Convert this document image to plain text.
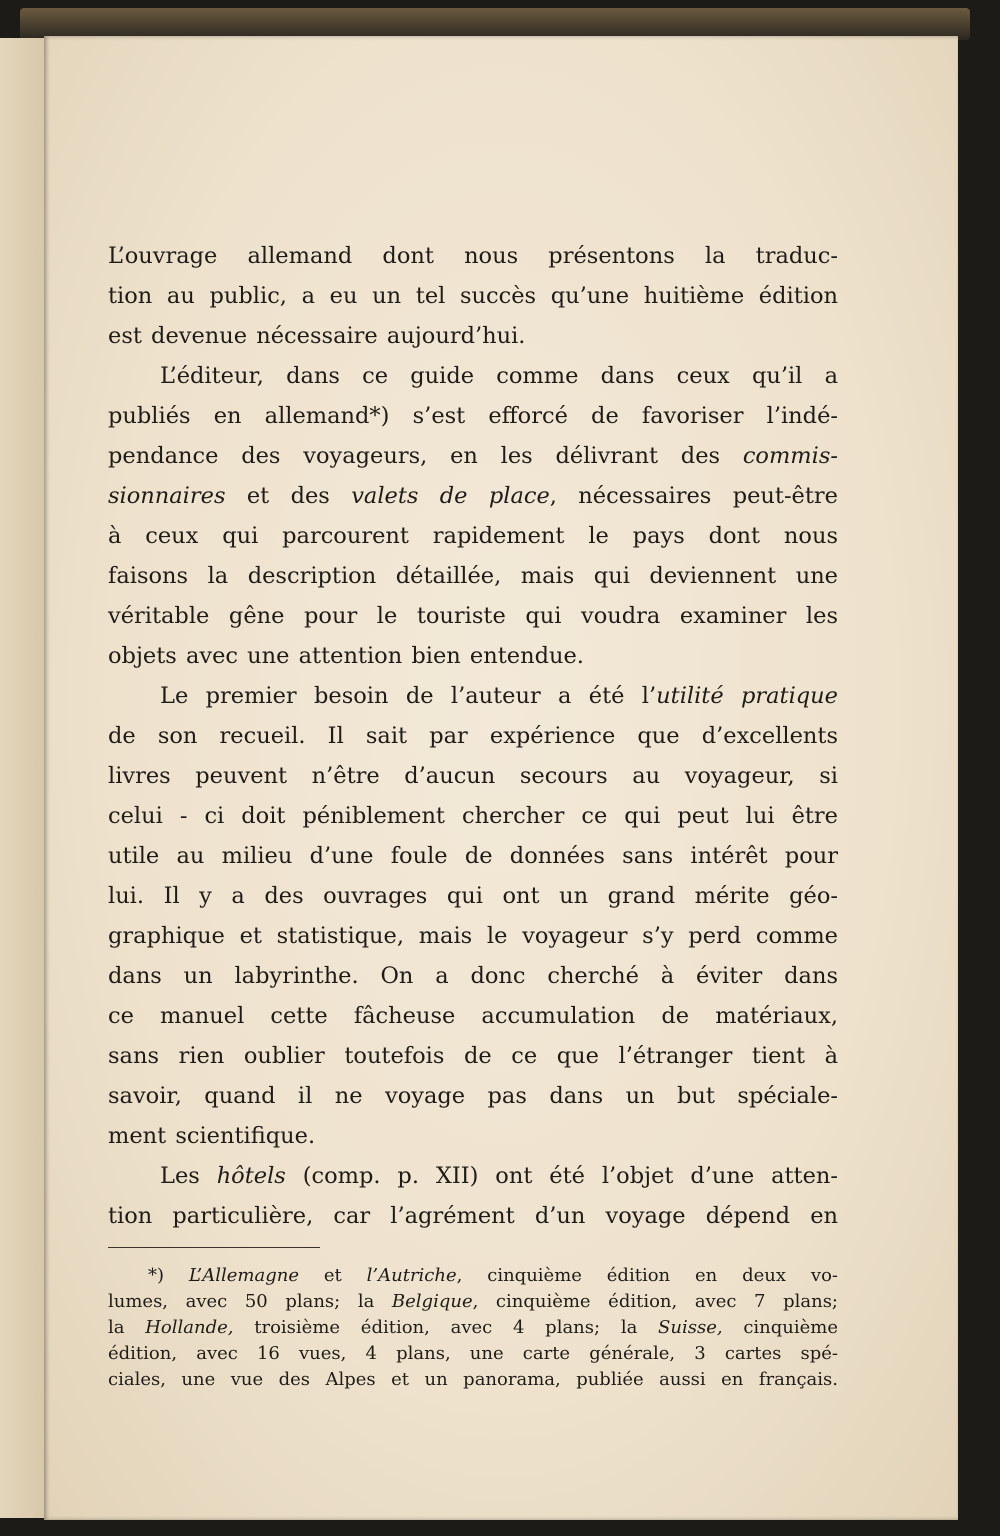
L’ouvrage allemand dont nous présentons la traduc-
tion au public, a eu un tel succès qu’une huitième édition
est devenue nécessaire aujourd’hui.
L’éditeur, dans ce guide comme dans ceux qu’il a
publiés en allemand*) s’est efforcé de favoriser l’indé-
pendance des voyageurs, en les délivrant des commis-
sionnaires et des valets de place, nécessaires peut-être
à ceux qui parcourent rapidement le pays dont nous
faisons la description détaillée, mais qui deviennent une
véritable gêne pour le touriste qui voudra examiner les
objets avec une attention bien entendue.
Le premier besoin de l’auteur a été l’utilité pratique
de son recueil. Il sait par expérience que d’excellents
livres peuvent n’être d’aucun secours au voyageur, si
celui - ci doit péniblement chercher ce qui peut lui être
utile au milieu d’une foule de données sans intérêt pour
lui. Il y a des ouvrages qui ont un grand mérite géo-
graphique et statistique, mais le voyageur s’y perd comme
dans un labyrinthe. On a donc cherché à éviter dans
ce manuel cette fâcheuse accumulation de matériaux,
sans rien oublier toutefois de ce que l’étranger tient à
savoir, quand il ne voyage pas dans un but spéciale-
ment scientifique.
Les hôtels (comp. p. XII) ont été l’objet d’une atten-
tion particulière, car l’agrément d’un voyage dépend en
*) L’Allemagne et l’Autriche, cinquième édition en deux vo-
lumes, avec 50 plans; la Belgique, cinquième édition, avec 7 plans;
la Hollande, troisième édition, avec 4 plans; la Suisse, cinquième
édition, avec 16 vues, 4 plans, une carte générale, 3 cartes spé-
ciales, une vue des Alpes et un panorama, publiée aussi en français.
